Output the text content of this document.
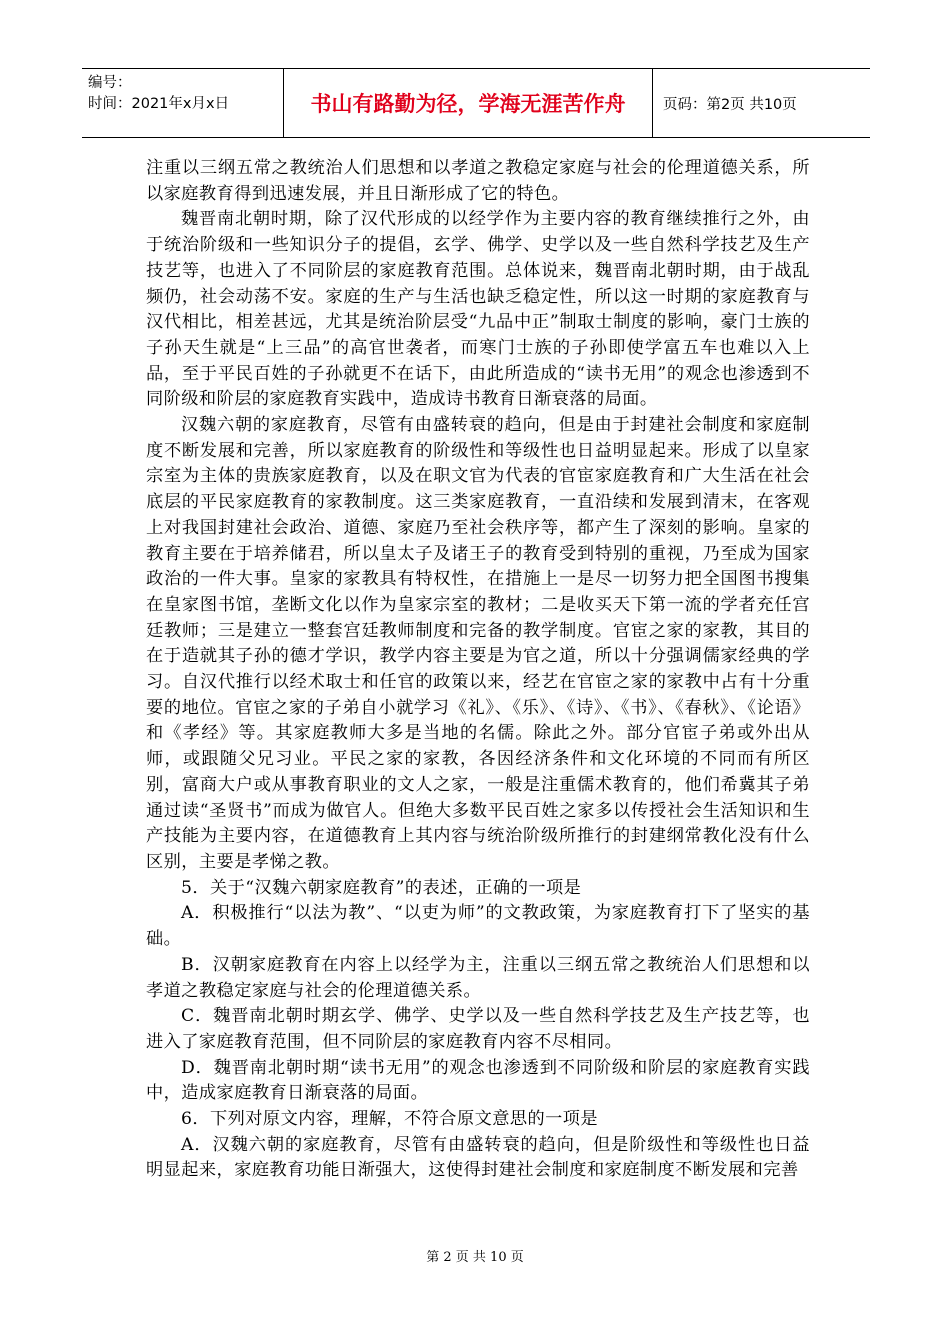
编号：
时间：2021年x月x日	书山有路勤为径，学海无涯苦作舟	页码：第2页 共10页

注重以三纲五常之教统治人们思想和以孝道之教稳定家庭与社会的伦理道德关系，所以家庭教育得到迅速发展，并且日渐形成了它的特色。

魏晋南北朝时期，除了汉代形成的以经学作为主要内容的教育继续推行之外，由于统治阶级和一些知识分子的提倡，玄学、佛学、史学以及一些自然科学技艺及生产技艺等，也进入了不同阶层的家庭教育范围。总体说来，魏晋南北朝时期，由于战乱频仍，社会动荡不安。家庭的生产与生活也缺乏稳定性，所以这一时期的家庭教育与汉代相比，相差甚远，尤其是统治阶层受“九品中正”制取士制度的影响，豪门士族的子孙天生就是“上三品”的高官世袭者，而寒门士族的子孙即使学富五车也难以入上品，至于平民百姓的子孙就更不在话下，由此所造成的“读书无用”的观念也渗透到不同阶级和阶层的家庭教育实践中，造成诗书教育日渐衰落的局面。

汉魏六朝的家庭教育，尽管有由盛转衰的趋向，但是由于封建社会制度和家庭制度不断发展和完善，所以家庭教育的阶级性和等级性也日益明显起来。形成了以皇家宗室为主体的贵族家庭教育，以及在职文官为代表的官宦家庭教育和广大生活在社会底层的平民家庭教育的家教制度。这三类家庭教育，一直沿续和发展到清末，在客观上对我国封建社会政治、道德、家庭乃至社会秩序等，都产生了深刻的影响。皇家的教育主要在于培养储君，所以皇太子及诸王子的教育受到特别的重视，乃至成为国家政治的一件大事。皇家的家教具有特权性，在措施上一是尽一切努力把全国图书搜集在皇家图书馆，垄断文化以作为皇家宗室的教材；二是收买天下第一流的学者充任宫廷教师；三是建立一整套宫廷教师制度和完备的教学制度。官宦之家的家教，其目的在于造就其子孙的德才学识，教学内容主要是为官之道，所以十分强调儒家经典的学习。自汉代推行以经术取士和任官的政策以来，经艺在官宦之家的家教中占有十分重要的地位。官宦之家的子弟自小就学习《礼》、《乐》、《诗》、《书》、《春秋》、《论语》和《孝经》等。其家庭教师大多是当地的名儒。除此之外。部分官宦子弟或外出从师，或跟随父兄习业。平民之家的家教，各因经济条件和文化环境的不同而有所区别，富商大户或从事教育职业的文人之家，一般是注重儒术教育的，他们希冀其子弟通过读“圣贤书”而成为做官人。但绝大多数平民百姓之家多以传授社会生活知识和生产技能为主要内容，在道德教育上其内容与统治阶级所推行的封建纲常教化没有什么区别，主要是孝悌之教。

5．关于“汉魏六朝家庭教育”的表述，正确的一项是

A．积极推行“以法为教”、“以吏为师”的文教政策，为家庭教育打下了坚实的基础。

B．汉朝家庭教育在内容上以经学为主，注重以三纲五常之教统治人们思想和以孝道之教稳定家庭与社会的伦理道德关系。

C．魏晋南北朝时期玄学、佛学、史学以及一些自然科学技艺及生产技艺等，也进入了家庭教育范围，但不同阶层的家庭教育内容不尽相同。

D．魏晋南北朝时期“读书无用”的观念也渗透到不同阶级和阶层的家庭教育实践中，造成家庭教育日渐衰落的局面。

6．下列对原文内容，理解，不符合原文意思的一项是

A．汉魏六朝的家庭教育，尽管有由盛转衰的趋向，但是阶级性和等级性也日益明显起来，家庭教育功能日渐强大，这使得封建社会制度和家庭制度不断发展和完善

第 2 页 共 10 页
